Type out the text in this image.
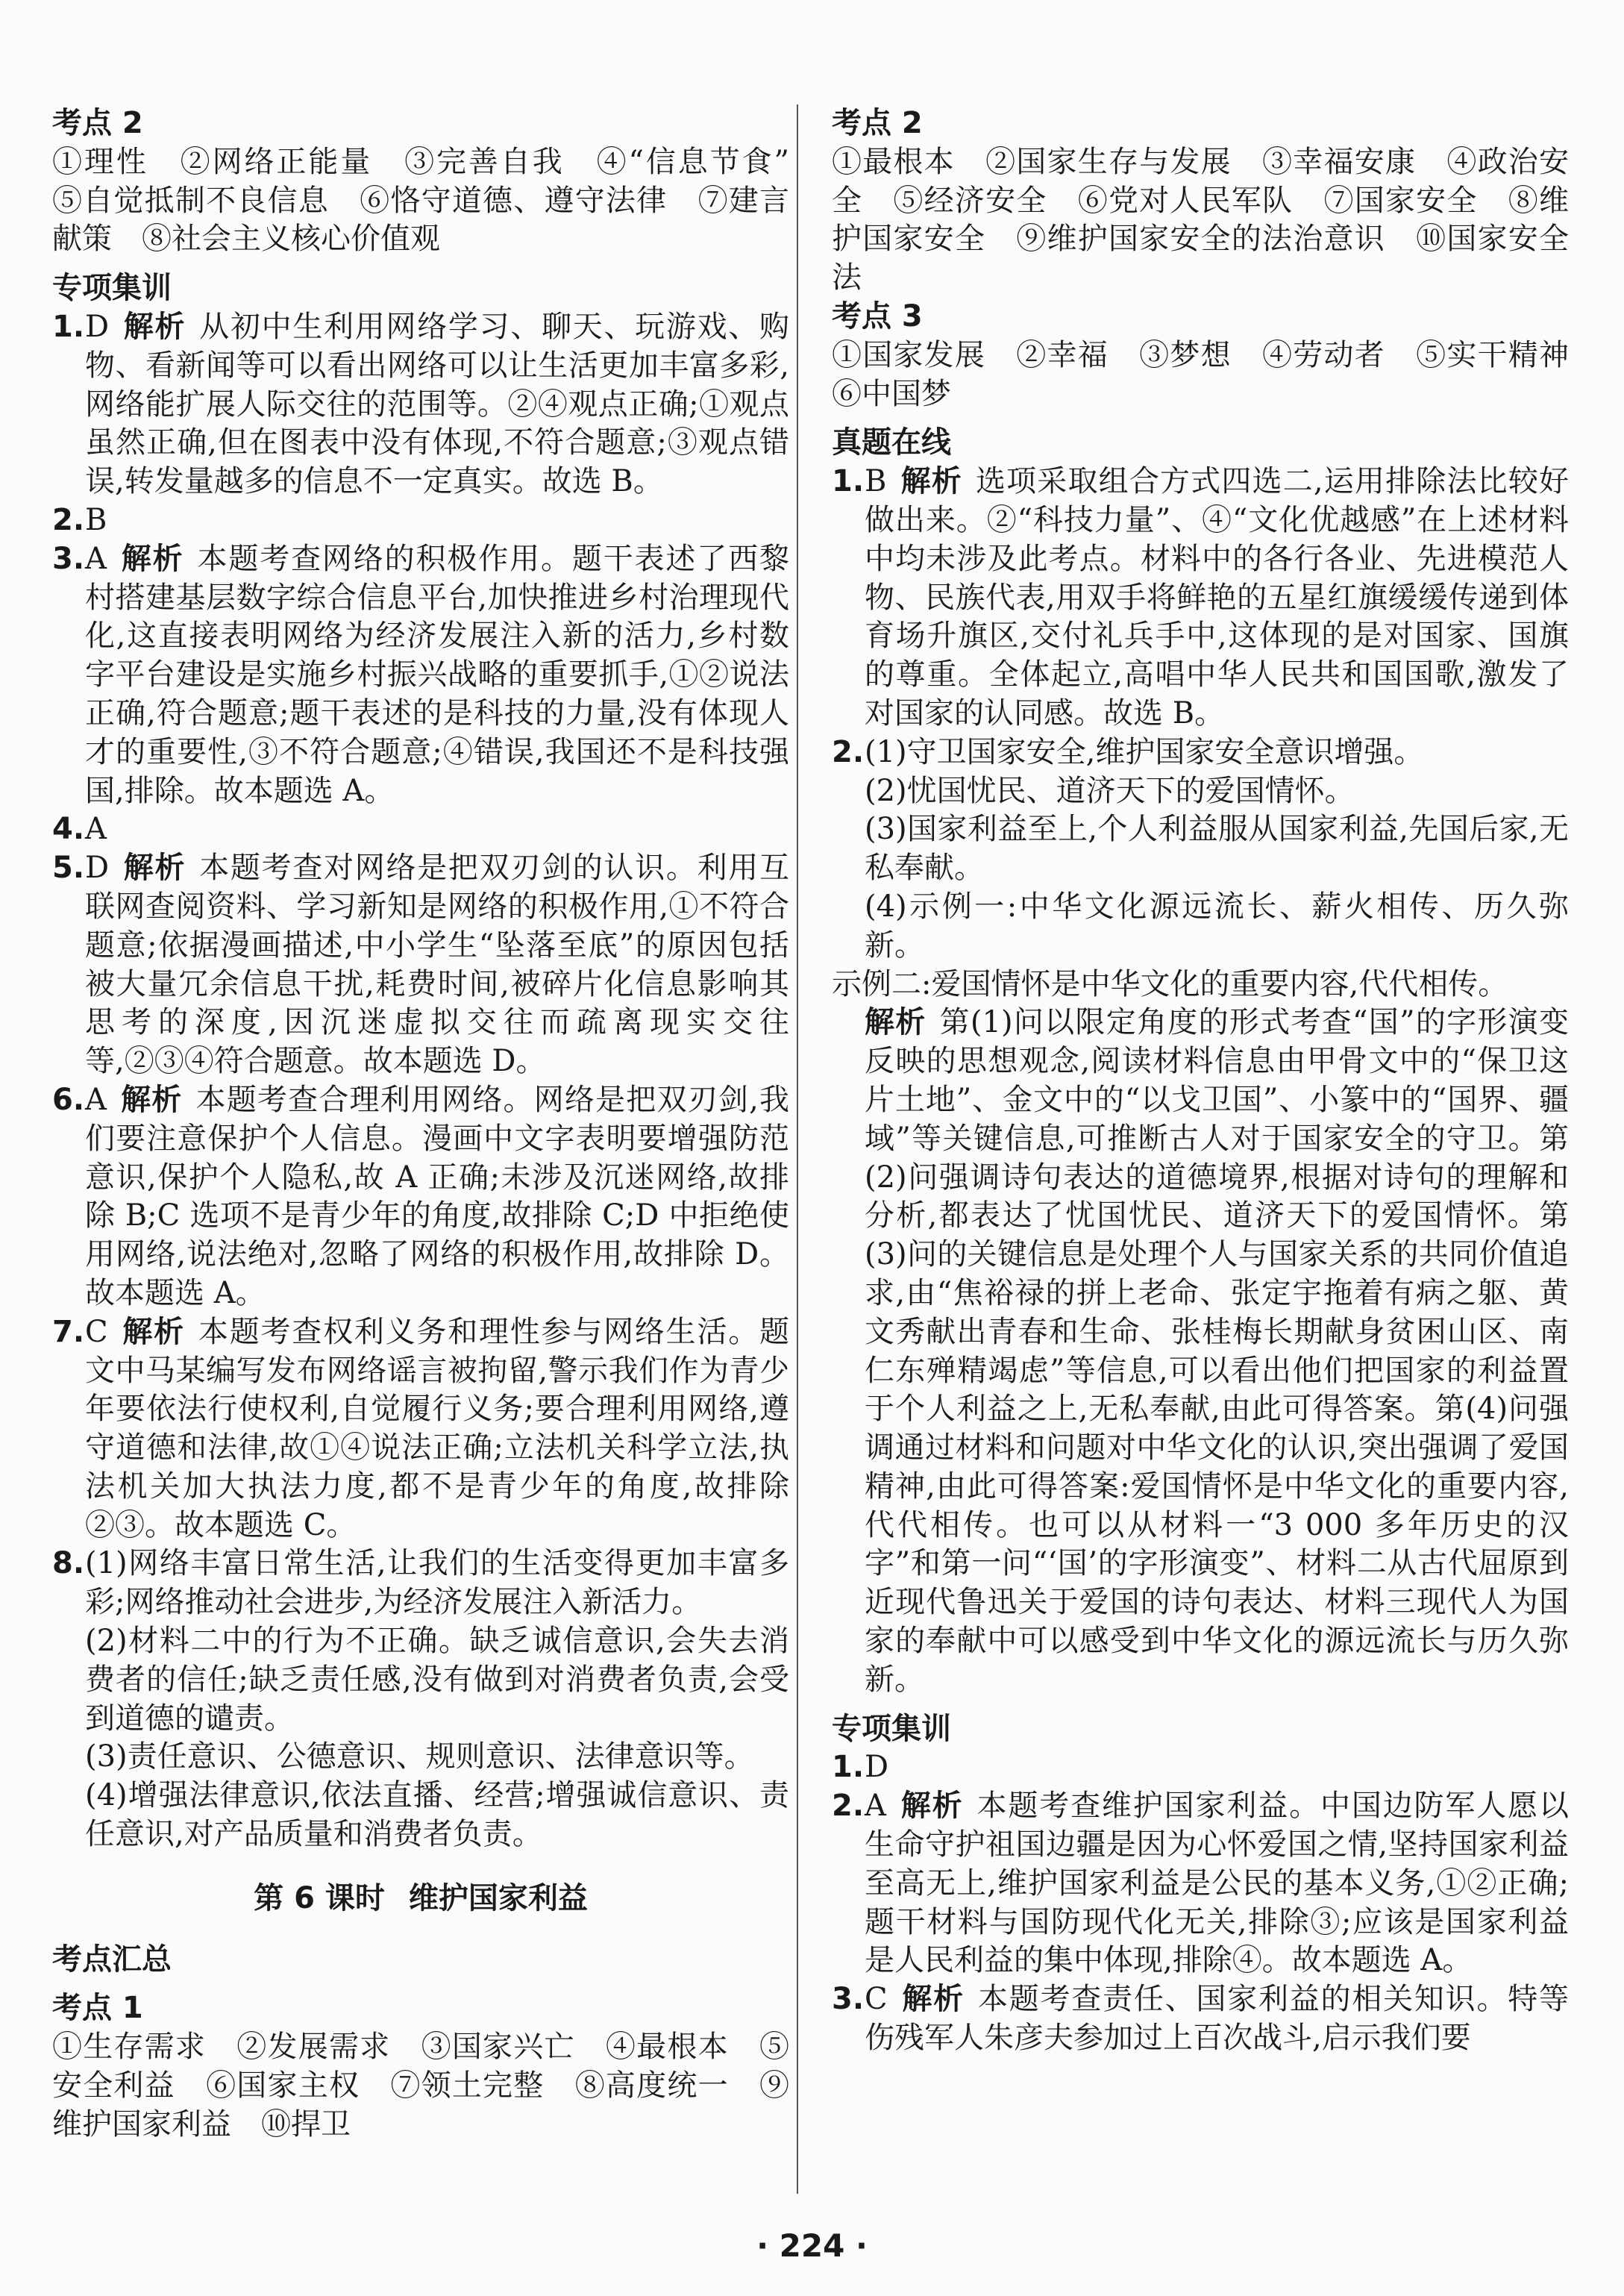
考点 2

①理性　②网络正能量　③完善自我　④“信息节食”　⑤自觉抵制不良信息　⑥恪守道德、遵守法律　⑦建言献策　⑧社会主义核心价值观

专项集训
1. D 解析 从初中生利用网络学习、聊天、玩游戏、购物、看新闻等可以看出网络可以让生活更加丰富多彩,网络能扩展人际交往的范围等。②④观点正确;①观点虽然正确,但在图表中没有体现,不符合题意;③观点错误,转发量越多的信息不一定真实。故选 B。
2. B
3. A 解析 本题考查网络的积极作用。题干表述了西黎村搭建基层数字综合信息平台,加快推进乡村治理现代化,这直接表明网络为经济发展注入新的活力,乡村数字平台建设是实施乡村振兴战略的重要抓手,①②说法正确,符合题意;题干表述的是科技的力量,没有体现人才的重要性,③不符合题意;④错误,我国还不是科技强国,排除。故本题选 A。
4. A
5. D 解析 本题考查对网络是把双刃剑的认识。利用互联网查阅资料、学习新知是网络的积极作用,①不符合题意;依据漫画描述,中小学生“坠落至底”的原因包括被大量冗余信息干扰,耗费时间,被碎片化信息影响其思考的深度,因沉迷虚拟交往而疏离现实交往等,②③④符合题意。故本题选 D。
6. A 解析 本题考查合理利用网络。网络是把双刃剑,我们要注意保护个人信息。漫画中文字表明要增强防范意识,保护个人隐私,故 A 正确;未涉及沉迷网络,故排除 B;C 选项不是青少年的角度,故排除 C;D 中拒绝使用网络,说法绝对,忽略了网络的积极作用,故排除 D。故本题选 A。
7. C 解析 本题考查权利义务和理性参与网络生活。题文中马某编写发布网络谣言被拘留,警示我们作为青少年要依法行使权利,自觉履行义务;要合理利用网络,遵守道德和法律,故①④说法正确;立法机关科学立法,执法机关加大执法力度,都不是青少年的角度,故排除②③。故本题选 C。
8. (1)网络丰富日常生活,让我们的生活变得更加丰富多彩;网络推动社会进步,为经济发展注入新活力。

(2)材料二中的行为不正确。缺乏诚信意识,会失去消费者的信任;缺乏责任感,没有做到对消费者负责,会受到道德的谴责。

(3)责任意识、公德意识、规则意识、法律意识等。

(4)增强法律意识,依法直播、经营;增强诚信意识、责任意识,对产品质量和消费者负责。

第 6 课时 维护国家利益
考点汇总
考点 1

①生存需求　②发展需求　③国家兴亡　④最根本　⑤安全利益　⑥国家主权　⑦领土完整　⑧高度统一　⑨维护国家利益　⑩捍卫

考点 2

①最根本　②国家生存与发展　③幸福安康　④政治安全　⑤经济安全　⑥党对人民军队　⑦国家安全　⑧维护国家安全　⑨维护国家安全的法治意识　⑩国家安全法

考点 3

①国家发展　②幸福　③梦想　④劳动者　⑤实干精神　⑥中国梦

真题在线
1. B 解析 选项采取组合方式四选二,运用排除法比较好做出来。②“科技力量”、④“文化优越感”在上述材料中均未涉及此考点。材料中的各行各业、先进模范人物、民族代表,用双手将鲜艳的五星红旗缓缓传递到体育场升旗区,交付礼兵手中,这体现的是对国家、国旗的尊重。全体起立,高唱中华人民共和国国歌,激发了对国家的认同感。故选 B。
2. (1)守卫国家安全,维护国家安全意识增强。

(2)忧国忧民、道济天下的爱国情怀。

(3)国家利益至上,个人利益服从国家利益,先国后家,无私奉献。

(4)示例一:中华文化源远流长、薪火相传、历久弥新。

示例二:爱国情怀是中华文化的重要内容,代代相传。

解析 第(1)问以限定角度的形式考查“国”的字形演变反映的思想观念,阅读材料信息由甲骨文中的“保卫这片土地”、金文中的“以戈卫国”、小篆中的“国界、疆域”等关键信息,可推断古人对于国家安全的守卫。第(2)问强调诗句表达的道德境界,根据对诗句的理解和分析,都表达了忧国忧民、道济天下的爱国情怀。第(3)问的关键信息是处理个人与国家关系的共同价值追求,由“焦裕禄的拼上老命、张定宇拖着有病之躯、黄文秀献出青春和生命、张桂梅长期献身贫困山区、南仁东殚精竭虑”等信息,可以看出他们把国家的利益置于个人利益之上,无私奉献,由此可得答案。第(4)问强调通过材料和问题对中华文化的认识,突出强调了爱国精神,由此可得答案:爱国情怀是中华文化的重要内容,代代相传。也可以从材料一“3 000 多年历史的汉字”和第一问“‘国’的字形演变”、材料二从古代屈原到近现代鲁迅关于爱国的诗句表达、材料三现代人为国家的奉献中可以感受到中华文化的源远流长与历久弥新。

专项集训
1. D
2. A 解析 本题考查维护国家利益。中国边防军人愿以生命守护祖国边疆是因为心怀爱国之情,坚持国家利益至高无上,维护国家利益是公民的基本义务,①②正确;题干材料与国防现代化无关,排除③;应该是国家利益是人民利益的集中体现,排除④。故本题选 A。
3. C 解析 本题考查责任、国家利益的相关知识。特等伤残军人朱彦夫参加过上百次战斗,启示我们要
· 224 ·
